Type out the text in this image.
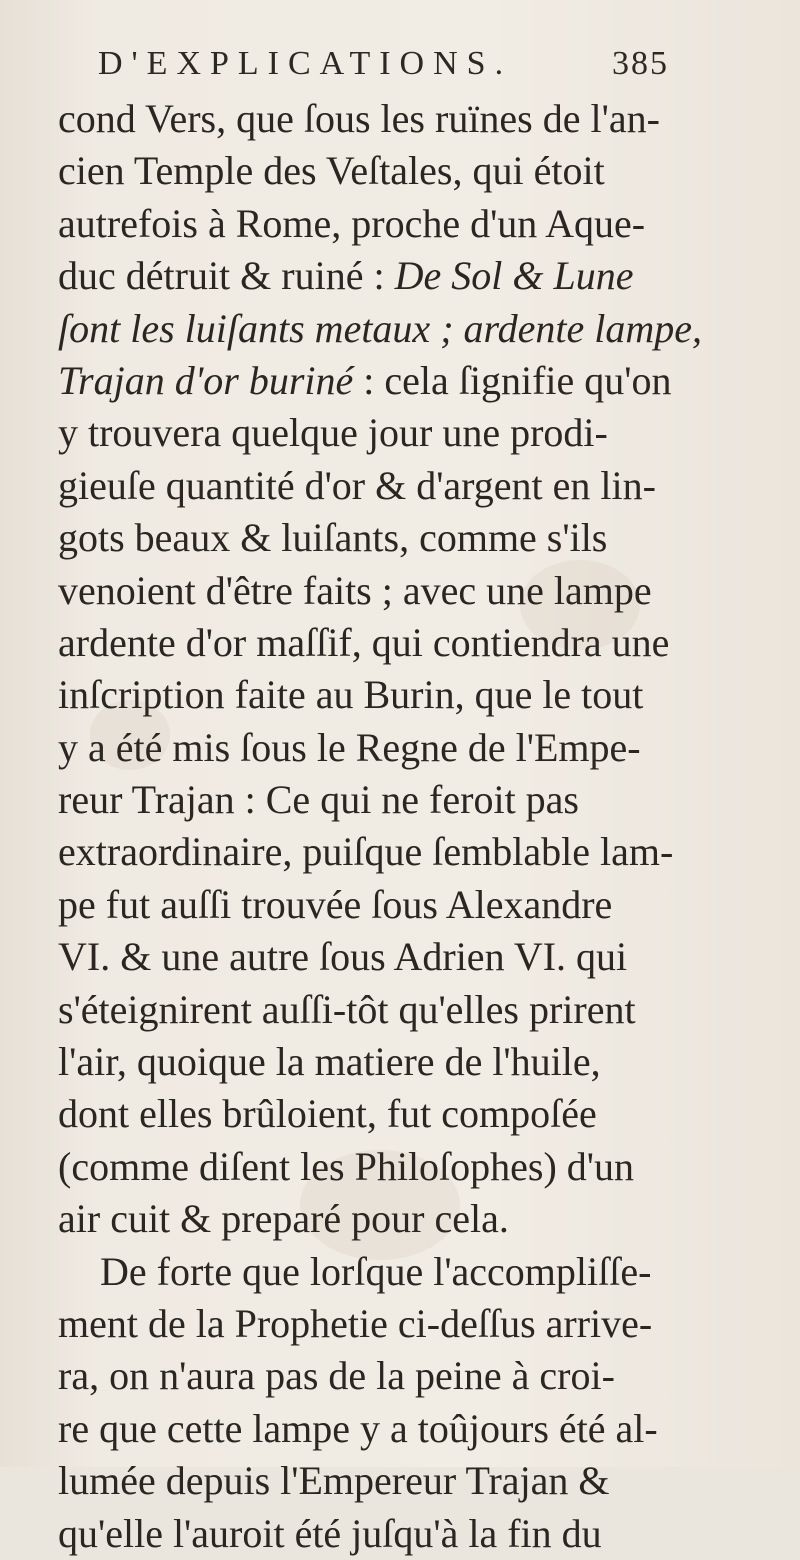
D'EXPLICATIONS.	385
cond Vers, que ſous les ruïnes de l'an-
cien Temple des Veſtales, qui étoit
autrefois à Rome, proche d'un Aque-
duc détruit & ruiné : De Sol & Lune
ſont les luiſants metaux ; ardente lampe,
Trajan d'or buriné : cela ſignifie qu'on
y trouvera quelque jour une prodi-
gieuſe quantité d'or & d'argent en lin-
gots beaux & luiſants, comme s'ils
venoient d'être faits ; avec une lampe
ardente d'or maſſif, qui contiendra une
inſcription faite au Burin, que le tout
y a été mis ſous le Regne de l'Empe-
reur Trajan : Ce qui ne feroit pas
extraordinaire, puiſque ſemblable lam-
pe fut auſſi trouvée ſous Alexandre
VI. & une autre ſous Adrien VI. qui
s'éteignirent auſſi-tôt qu'elles prirent
l'air, quoique la matiere de l'huile,
dont elles brûloient, fut compoſée
(comme diſent les Philoſophes) d'un
air cuit & preparé pour cela.
De forte que lorſque l'accompliſſe-
ment de la Prophetie ci-deſſus arrive-
ra, on n'aura pas de la peine à croi-
re que cette lampe y a toûjours été al-
lumée depuis l'Empereur Trajan &
qu'elle l'auroit été juſqu'à la fin du
